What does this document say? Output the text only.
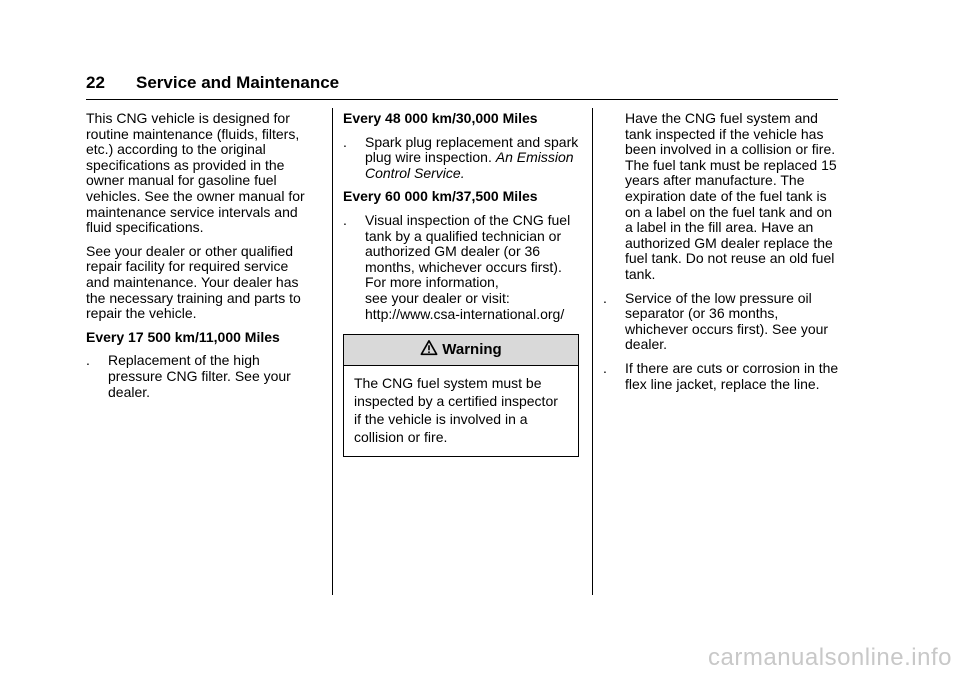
22 Service and Maintenance

This CNG vehicle is designed for routine maintenance (fluids, filters, etc.) according to the original specifications as provided in the owner manual for gasoline fuel vehicles. See the owner manual for maintenance service intervals and fluid specifications.

See your dealer or other qualified repair facility for required service and maintenance. Your dealer has the necessary training and parts to repair the vehicle.

Every 17 500 km/11,000 Miles
. Replacement of the high pressure CNG filter. See your dealer.
Every 48 000 km/30,000 Miles
. Spark plug replacement and spark plug wire inspection. An Emission Control Service.
Every 60 000 km/37,500 Miles
. Visual inspection of the CNG fuel tank by a qualified technician or authorized GM dealer (or 36 months, whichever occurs first).
For more information,
see your dealer or visit:
http://www.csa-international.org/
Warning
The CNG fuel system must be inspected by a certified inspector if the vehicle is involved in a collision or fire.
Have the CNG fuel system and tank inspected if the vehicle has been involved in a collision or fire. The fuel tank must be replaced 15 years after manufacture. The expiration date of the fuel tank is on a label on the fuel tank and on a label in the fill area. Have an authorized GM dealer replace the fuel tank. Do not reuse an old fuel tank.
. Service of the low pressure oil separator (or 36 months, whichever occurs first). See your dealer.
. If there are cuts or corrosion in the flex line jacket, replace the line.
carmanualsonline.info
